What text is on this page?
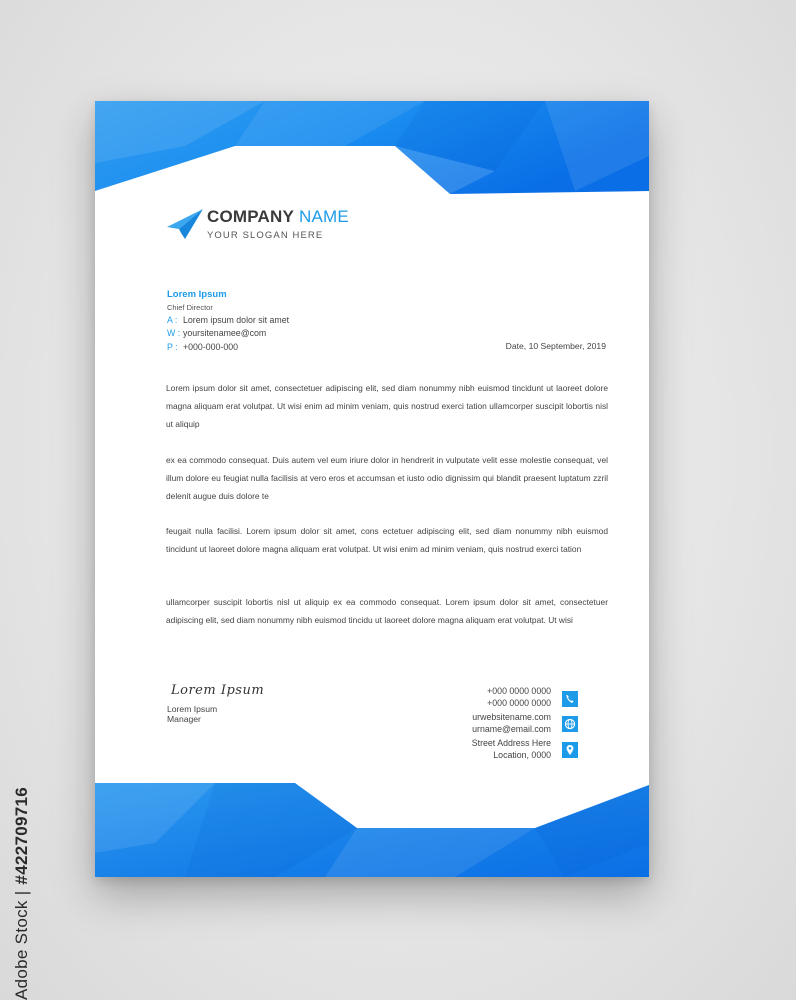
COMPANY NAME
YOUR SLOGAN HERE
Lorem Ipsum
Chief Director
A : Lorem ipsum dolor sit amet
W : yoursitenamee@com
P : +000-000-000	Date, 10 September, 2019

Lorem ipsum dolor sit amet, consectetuer adipiscing elit, sed diam nonummy nibh euismod tincidunt ut laoreet dolore magna aliquam erat volutpat. Ut wisi enim ad minim veniam, quis nostrud exerci tation ullamcorper suscipit lobortis nisl ut aliquip

ex ea commodo consequat. Duis autem vel eum iriure dolor in hendrerit in vulputate velit esse molestie consequat, vel illum dolore eu feugiat nulla facilisis at vero eros et accumsan et iusto odio dignissim qui blandit praesent luptatum zzril delenit augue duis dolore te

feugait nulla facilisi. Lorem ipsum dolor sit amet, cons ectetuer adipiscing elit, sed diam nonummy nibh euismod tincidunt ut laoreet dolore magna aliquam erat volutpat. Ut wisi enim ad minim veniam, quis nostrud exerci tation

ullamcorper suscipit lobortis nisl ut aliquip ex ea commodo consequat. Lorem ipsum dolor sit amet, consectetuer adipiscing elit, sed diam nonummy nibh euismod tincidu ut laoreet dolore magna aliquam erat volutpat. Ut wisi

Lorem Ipsum
Lorem Ipsum
Manager
+000 0000 0000
+000 0000 0000
urwebsitename.com
urname@email.com
Street Address Here
Location, 0000
Adobe Stock |#422709716
